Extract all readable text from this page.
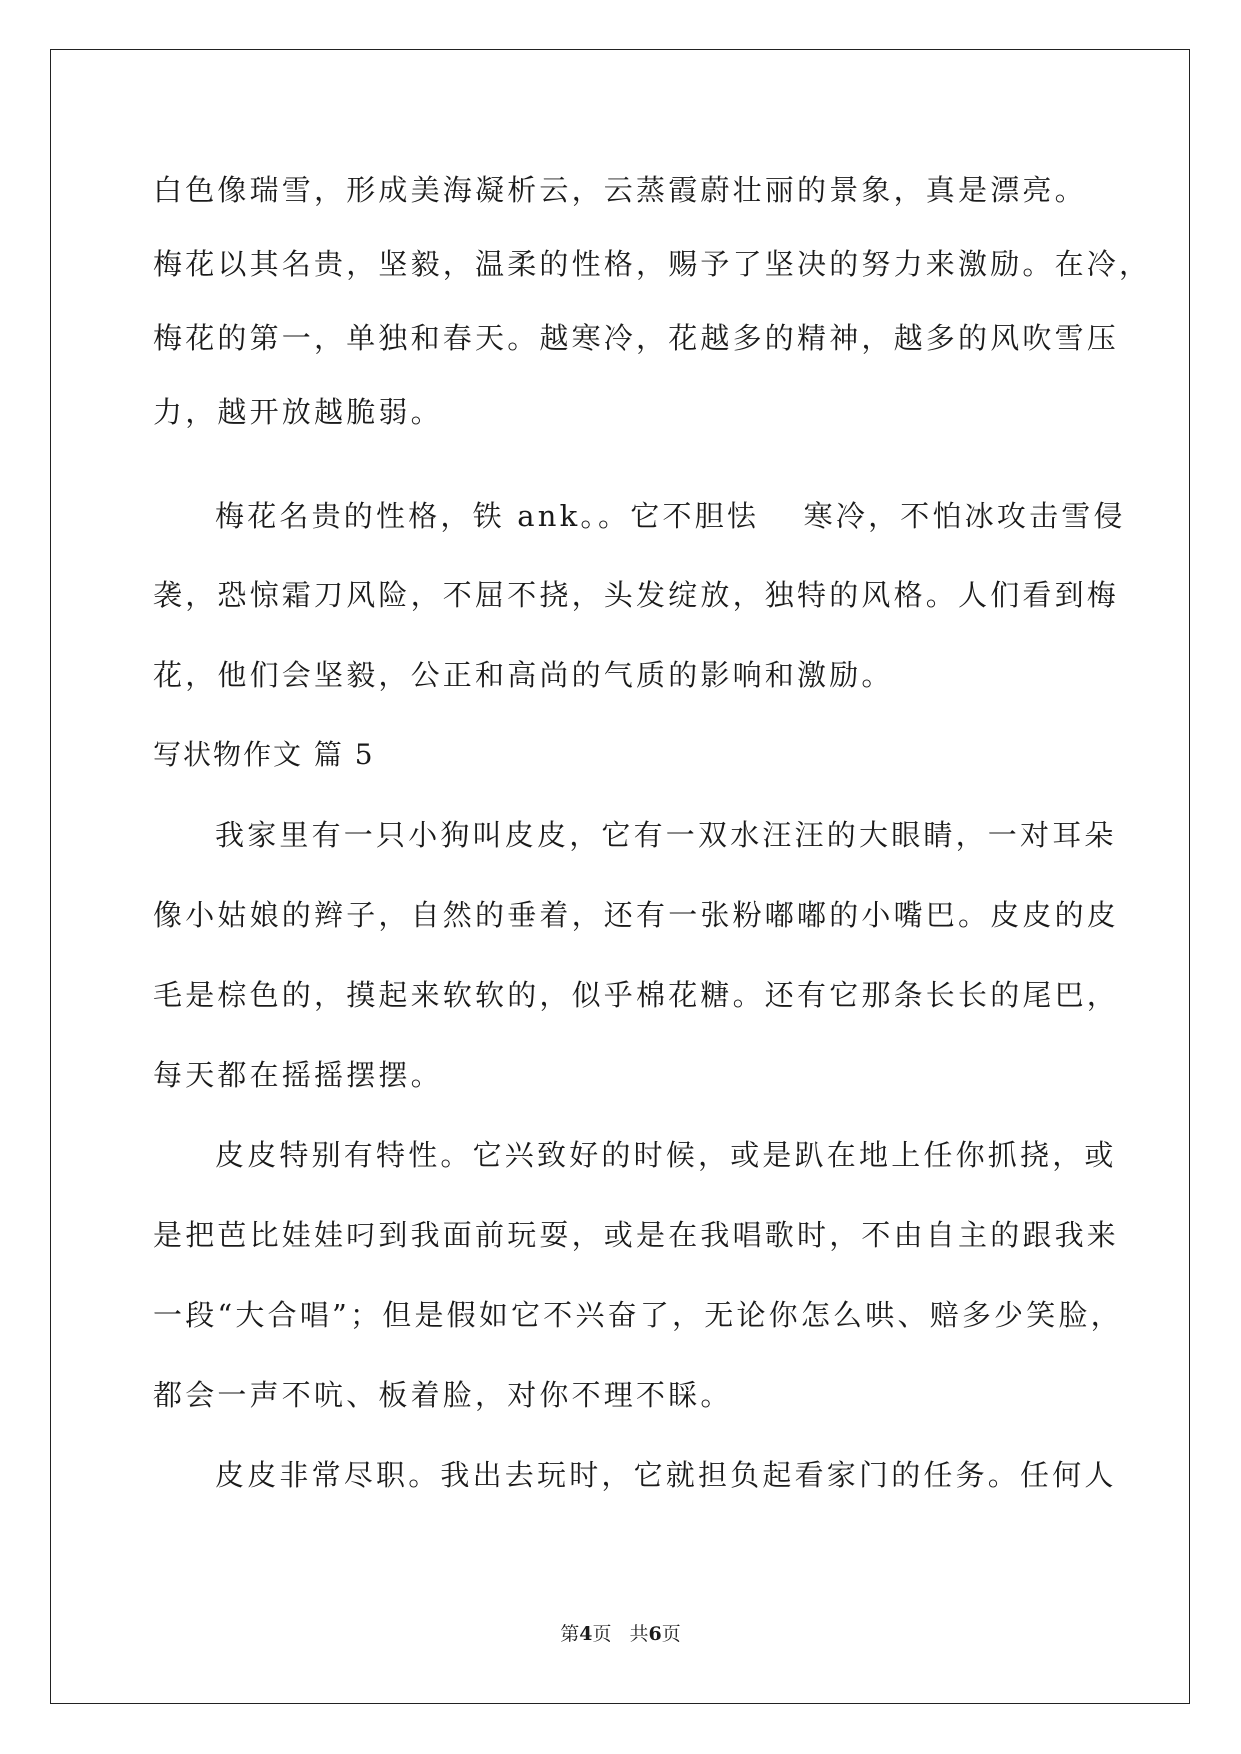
白色像瑞雪，形成美海凝析云，云蒸霞蔚壮丽的景象，真是漂亮。
梅花以其名贵，坚毅，温柔的性格，赐予了坚决的努力来激励。在冷，
梅花的第一，单独和春天。越寒冷，花越多的精神，越多的风吹雪压
力，越开放越脆弱。
梅花名贵的性格，铁 ank。。它不胆怯　 寒冷，不怕冰攻击雪侵
袭，恐惊霜刀风险，不屈不挠，头发绽放，独特的风格。人们看到梅
花，他们会坚毅，公正和高尚的气质的影响和激励。
写状物作文 篇 5
我家里有一只小狗叫皮皮，它有一双水汪汪的大眼睛，一对耳朵
像小姑娘的辫子，自然的垂着，还有一张粉嘟嘟的小嘴巴。皮皮的皮
毛是棕色的，摸起来软软的，似乎棉花糖。还有它那条长长的尾巴，
每天都在摇摇摆摆。
皮皮特别有特性。它兴致好的时候，或是趴在地上任你抓挠，或
是把芭比娃娃叼到我面前玩耍，或是在我唱歌时，不由自主的跟我来
一段“大合唱”；但是假如它不兴奋了，无论你怎么哄、赔多少笑脸，
都会一声不吭、板着脸，对你不理不睬。
皮皮非常尽职。我出去玩时，它就担负起看家门的任务。任何人
第4页 共6页
